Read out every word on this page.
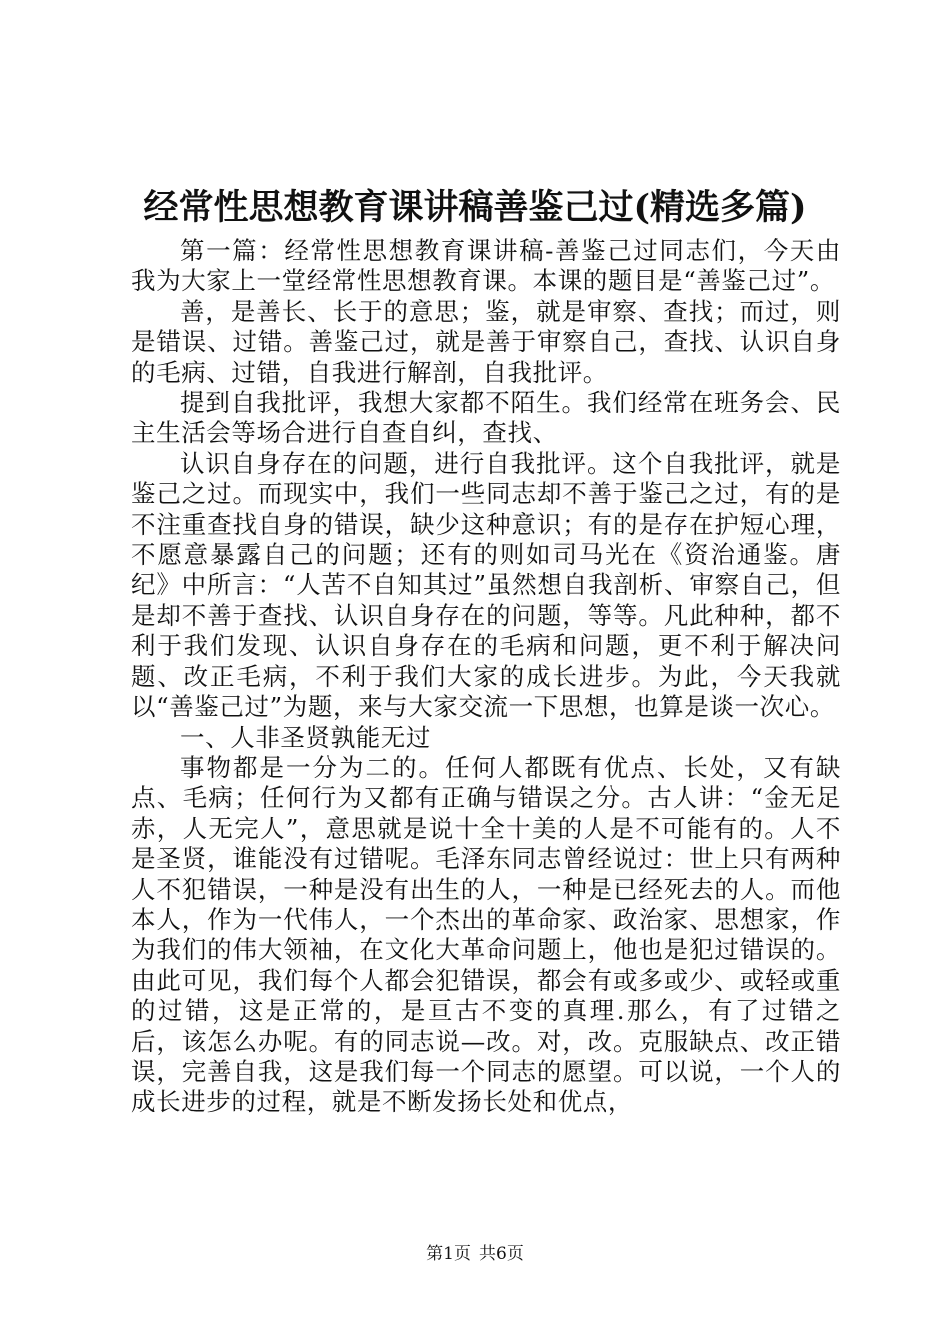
经常性思想教育课讲稿善鉴己过(精选多篇)

第一篇：经常性思想教育课讲稿-善鉴己过同志们，今天由我为大家上一堂经常性思想教育课。本课的题目是“善鉴己过”。

善，是善长、长于的意思；鉴，就是审察、查找；而过，则是错误、过错。善鉴己过，就是善于审察自己，查找、认识自身的毛病、过错，自我进行解剖，自我批评。

提到自我批评，我想大家都不陌生。我们经常在班务会、民主生活会等场合进行自查自纠，查找、

认识自身存在的问题，进行自我批评。这个自我批评，就是鉴己之过。而现实中，我们一些同志却不善于鉴己之过，有的是不注重查找自身的错误，缺少这种意识；有的是存在护短心理，不愿意暴露自己的问题；还有的则如司马光在《资治通鉴。唐纪》中所言：“人苦不自知其过”虽然想自我剖析、审察自己，但是却不善于查找、认识自身存在的问题，等等。凡此种种，都不利于我们发现、认识自身存在的毛病和问题，更不利于解决问题、改正毛病，不利于我们大家的成长进步。为此，今天我就以“善鉴己过”为题，来与大家交流一下思想，也算是谈一次心。

一、人非圣贤孰能无过

事物都是一分为二的。任何人都既有优点、长处，又有缺点、毛病；任何行为又都有正确与错误之分。古人讲：“金无足赤，人无完人”，意思就是说十全十美的人是不可能有的。人不是圣贤，谁能没有过错呢。毛泽东同志曾经说过：世上只有两种人不犯错误，一种是没有出生的人，一种是已经死去的人。而他本人，作为一代伟人，一个杰出的革命家、政治家、思想家，作为我们的伟大领袖，在文化大革命问题上，他也是犯过错误的。由此可见，我们每个人都会犯错误，都会有或多或少、或轻或重的过错，这是正常的，是亘古不变的真理.那么，有了过错之后，该怎么办呢。有的同志说—改。对，改。克服缺点、改正错误，完善自我，这是我们每一个同志的愿望。可以说，一个人的成长进步的过程，就是不断发扬长处和优点，

第1页 共6页
